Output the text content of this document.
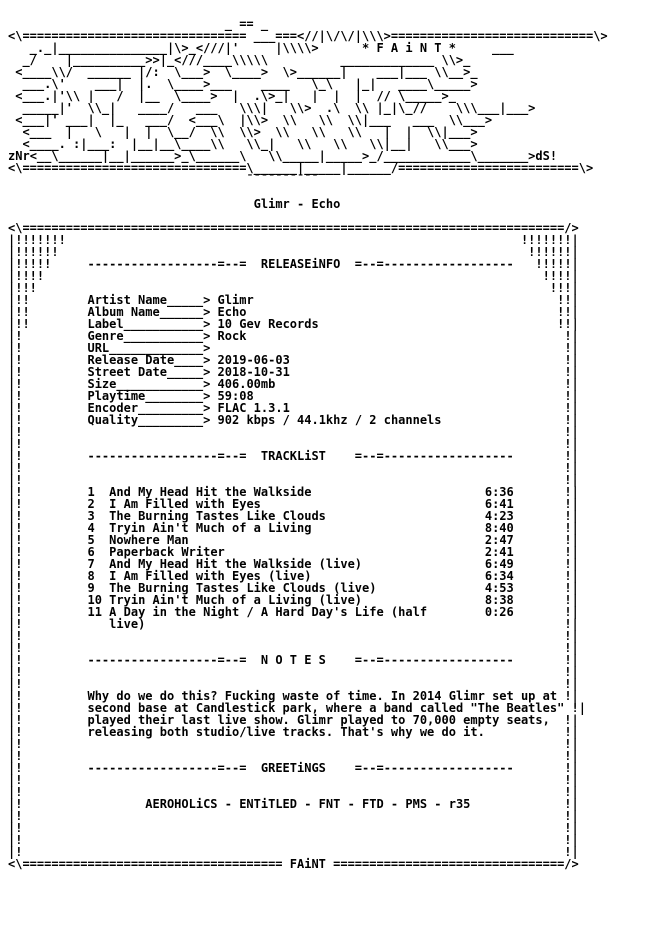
_ == _
<\=============================== ___===<//|\/\/|\\\>============================\>
_._|_______________|\>_<///|'     |\\\\>      * F A i N T *     ___
_/    |__________>>|_<///____\\\\\          _____________ \\>_
<____\\/  ______ |/:  \___>  \____>  \>______|    ___|___ \\__>_
___.\'    ___|  |.  \____>___    ____   \_\   |_|   ____\_____>
<___.|'\\ |   /  |__  \____>  |  .\>_|   |  |  |  // \_____>_
_____|'  \\_|   ____/   ___   \\\|   \\>  .\  \\ |_|\_//    \\\___|___>
<___|' ___|  |_   ___/  <___\  |\\>  \\   \\  \\|___   ___  \\___>
<___  |   \   |  |  \__/  \\  \\>  \\   \\   \\   |  |  \\|___>
<____. :|___:  |__|__\____\\   \\_|   \\   \\   \\|__|   \\___>
zNr<__\______|__|______>_\______\   \\_____|_____>_/____________\_______>dS!
<\===============================\______|_____|______/=========================\>
¯¯¯¯¯¯¯¯¯¯

Glimr - Echo

<\===========================================================================/>
|!!!!!!!                                                               !!!!!!!|
|!!!!!!                                                                 !!!!!!|
|!!!!!     ------------------=--=  RELEASEiNFO  =--=------------------   !!!!!|
|!!!!                                                                     !!!!|
|!!!                                                                       !!!|
|!!        Artist Name_____> Glimr                                          !!|
|!!        Album Name______> Echo                                           !!|
|!!        Label___________> 10 Gev Records                                 !!|
|!         Genre___________> Rock                                            !|
|!         URL_____________>                                                 !|
|!         Release Date____> 2019-06-03                                      !|
|!         Street Date_____> 2018-10-31                                      !|
|!         Size____________> 406.00mb                                        !|
|!         Playtime________> 59:08                                           !|
|!         Encoder_________> FLAC 1.3.1                                      !|
|!         Quality_________> 902 kbps / 44.1khz / 2 channels                 !|
|!                                                                           !|
|!                                                                           !|
|!         ------------------=--=  TRACKLiST    =--=------------------       !|
|!                                                                           !|
|!                                                                           !|
|!         1 And My Head Hit the Walkside	6:36       !|
|!         2 I Am Filled with Eyes	6:41       !|
|!         3 The Burning Tastes Like Clouds	4:23       !|
|!         4 Tryin Ain't Much of a Living	8:40       !|
|!         5 Nowhere Man	2:47       !|
|!         6 Paperback Writer	2:41       !|
|!         7 And My Head Hit the Walkside (live)	6:49       !|
|!         8 I Am Filled with Eyes (live)	6:34       !|
|!         9 The Burning Tastes Like Clouds (live)	4:53       !|
|!         10 Tryin Ain't Much of a Living (live)	8:38       !|
|!         11 A Day in the Night / A Hard Day's Life (half	0:26       !|
|!            live)                                                          !|
|!                                                                           !|
|!                                                                           !|
|!         ------------------=--=  N O T E S    =--=------------------       !|
|!                                                                           !|
|!                                                                           !|
|!         Why do we do this? Fucking waste of time. In 2014 Glimr set up at !|
|!         second base at Candlestick park, where a band called "The Beatles" !|
|!         played their last live show. Glimr played to 70,000 empty seats,  !|
|!         releasing both studio/live tracks. That's why we do it.           !|
|!                                                                           !|
|!                                                                           !|
|!         ------------------=--=  GREETiNGS    =--=------------------       !|
|!                                                                           !|
|!                                                                           !|
|!	AEROHOLiCS - ENTiTLED - FNT - FTD - PMS - r35             !|
|!                                                                           !|
|!                                                                           !|
|!                                                                           !|
|!                                                                           !|
<\==================================== FAiNT ================================/>
